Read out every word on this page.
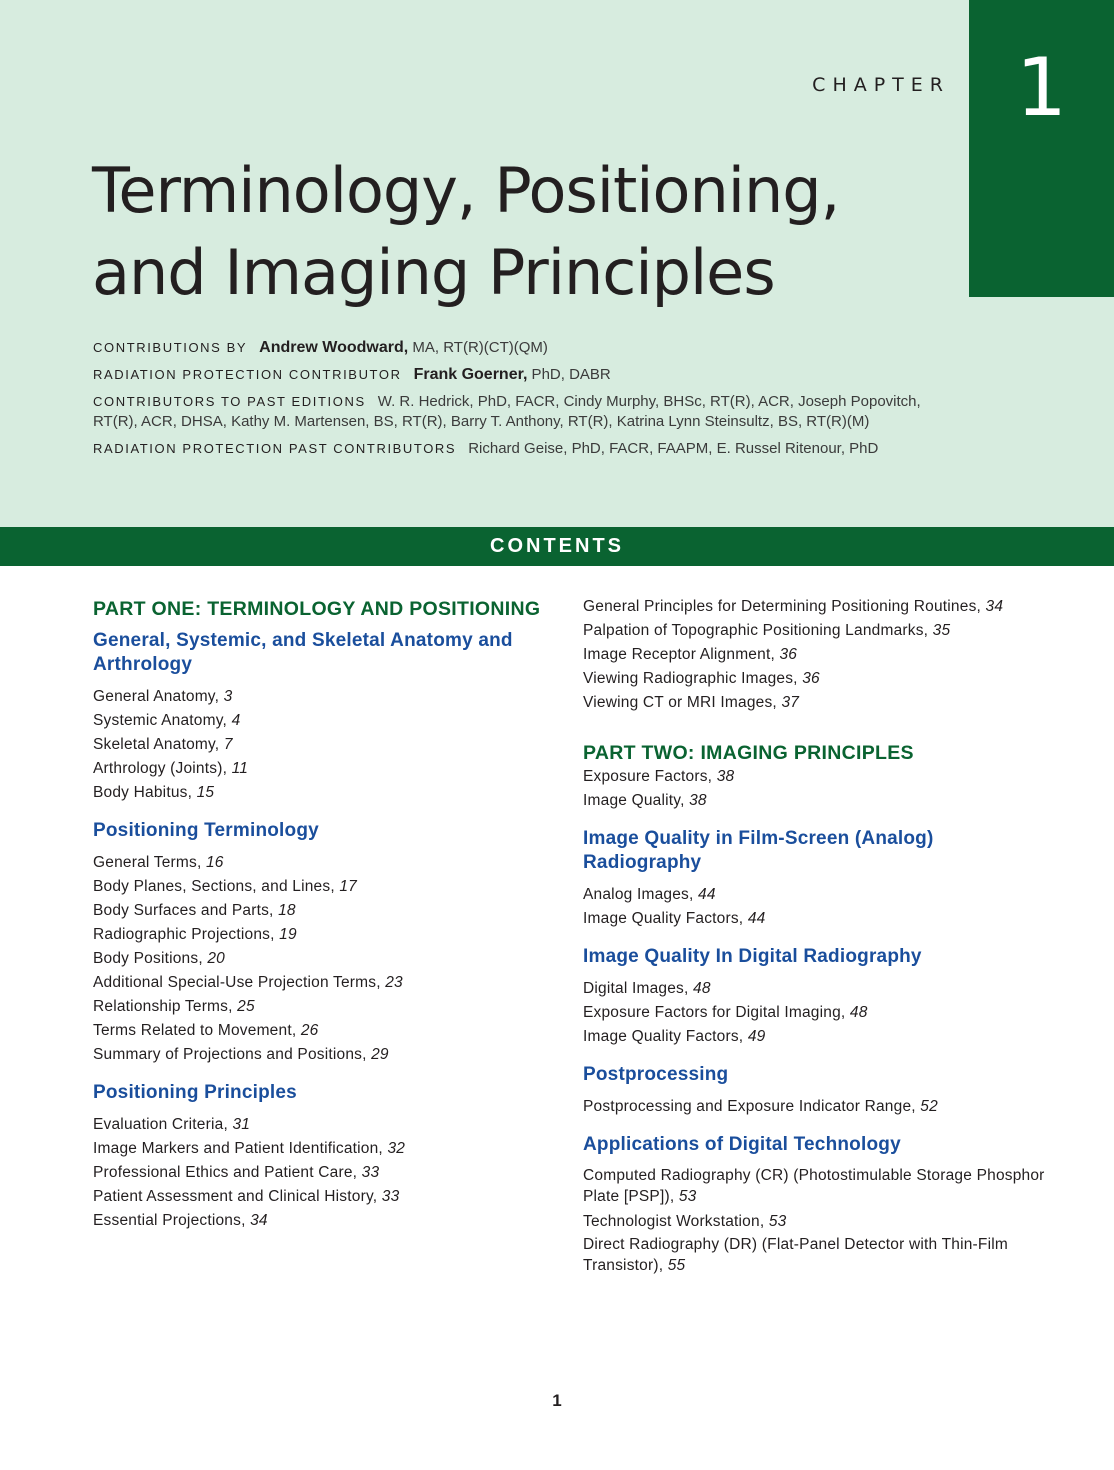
1
CHAPTER
Terminology, Positioning,
and Imaging Principles
CONTRIBUTIONS BY Andrew Woodward, MA, RT(R)(CT)(QM)
RADIATION PROTECTION CONTRIBUTOR Frank Goerner, PhD, DABR
CONTRIBUTORS TO PAST EDITIONS W. R. Hedrick, PhD, FACR, Cindy Murphy, BHSc, RT(R), ACR, Joseph Popovitch, RT(R), ACR, DHSA, Kathy M. Martensen, BS, RT(R), Barry T. Anthony, RT(R), Katrina Lynn Steinsultz, BS, RT(R)(M)
RADIATION PROTECTION PAST CONTRIBUTORS Richard Geise, PhD, FACR, FAAPM, E. Russel Ritenour, PhD
CONTENTS

PART ONE: TERMINOLOGY AND POSITIONING

General, Systemic, and Skeletal Anatomy and Arthrology

General Anatomy, 3

Systemic Anatomy, 4

Skeletal Anatomy, 7

Arthrology (Joints), 11

Body Habitus, 15

Positioning Terminology

General Terms, 16

Body Planes, Sections, and Lines, 17

Body Surfaces and Parts, 18

Radiographic Projections, 19

Body Positions, 20

Additional Special-Use Projection Terms, 23

Relationship Terms, 25

Terms Related to Movement, 26

Summary of Projections and Positions, 29

Positioning Principles

Evaluation Criteria, 31

Image Markers and Patient Identification, 32

Professional Ethics and Patient Care, 33

Patient Assessment and Clinical History, 33

Essential Projections, 34

General Principles for Determining Positioning Routines, 34

Palpation of Topographic Positioning Landmarks, 35

Image Receptor Alignment, 36

Viewing Radiographic Images, 36

Viewing CT or MRI Images, 37

PART TWO: IMAGING PRINCIPLES

Exposure Factors, 38

Image Quality, 38

Image Quality in Film-Screen (Analog) Radiography

Analog Images, 44

Image Quality Factors, 44

Image Quality In Digital Radiography

Digital Images, 48

Exposure Factors for Digital Imaging, 48

Image Quality Factors, 49

Postprocessing

Postprocessing and Exposure Indicator Range, 52

Applications of Digital Technology

Computed Radiography (CR) (Photostimulable Storage Phosphor Plate [PSP]), 53

Technologist Workstation, 53

Direct Radiography (DR) (Flat-Panel Detector with Thin-Film Transistor), 55

1
